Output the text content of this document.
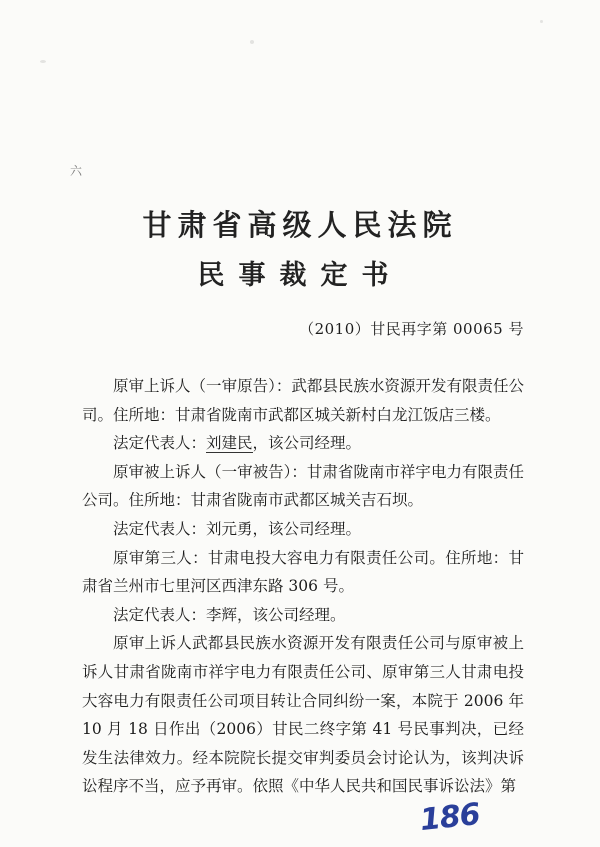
六
甘肃省高级人民法院
民事裁定书
（2010）甘民再字第 00065 号

原审上诉人（一审原告）：武都县民族水资源开发有限责任公司。住所地：甘肃省陇南市武都区城关新村白龙江饭店三楼。

法定代表人：刘建民，该公司经理。

原审被上诉人（一审被告）：甘肃省陇南市祥宇电力有限责任公司。住所地：甘肃省陇南市武都区城关吉石坝。

法定代表人：刘元勇，该公司经理。

原审第三人：甘肃电投大容电力有限责任公司。住所地：甘肃省兰州市七里河区西津东路 306 号。

法定代表人：李辉，该公司经理。

原审上诉人武都县民族水资源开发有限责任公司与原审被上诉人甘肃省陇南市祥宇电力有限责任公司、原审第三人甘肃电投大容电力有限责任公司项目转让合同纠纷一案，本院于 2006 年 10 月 18 日作出（2006）甘民二终字第 41 号民事判决，已经发生法律效力。经本院院长提交审判委员会讨论认为，该判决诉讼程序不当，应予再审。依照《中华人民共和国民事诉讼法》第

186
